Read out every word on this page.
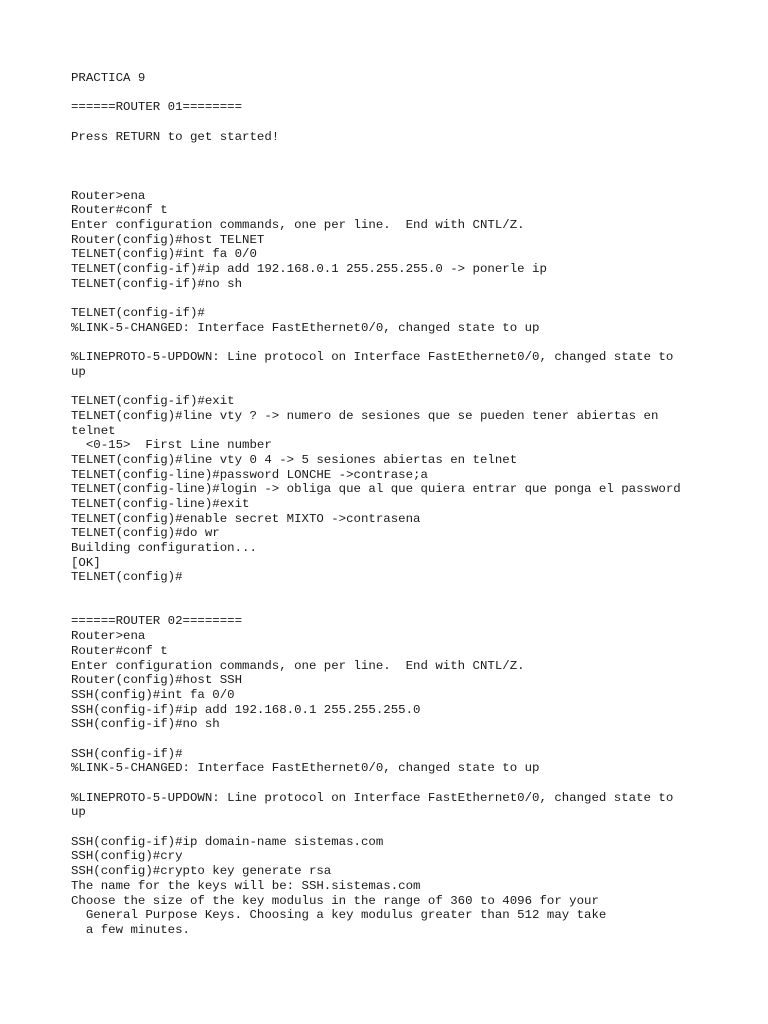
PRACTICA 9
======ROUTER 01========
Press RETURN to get started!
Router>ena
Router#conf t
Enter configuration commands, one per line.  End with CNTL/Z.
Router(config)#host TELNET
TELNET(config)#int fa 0/0
TELNET(config-if)#ip add 192.168.0.1 255.255.255.0 -> ponerle ip
TELNET(config-if)#no sh
TELNET(config-if)#
%LINK-5-CHANGED: Interface FastEthernet0/0, changed state to up
%LINEPROTO-5-UPDOWN: Line protocol on Interface FastEthernet0/0, changed state to
up
TELNET(config-if)#exit
TELNET(config)#line vty ? -> numero de sesiones que se pueden tener abiertas en
telnet
<0-15>  First Line number
TELNET(config)#line vty 0 4 -> 5 sesiones abiertas en telnet
TELNET(config-line)#password LONCHE ->contrase;a
TELNET(config-line)#login -> obliga que al que quiera entrar que ponga el password
TELNET(config-line)#exit
TELNET(config)#enable secret MIXTO ->contrasena
TELNET(config)#do wr
Building configuration...
[OK]
TELNET(config)#
======ROUTER 02========
Router>ena
Router#conf t
Enter configuration commands, one per line.  End with CNTL/Z.
Router(config)#host SSH
SSH(config)#int fa 0/0
SSH(config-if)#ip add 192.168.0.1 255.255.255.0
SSH(config-if)#no sh
SSH(config-if)#
%LINK-5-CHANGED: Interface FastEthernet0/0, changed state to up
%LINEPROTO-5-UPDOWN: Line protocol on Interface FastEthernet0/0, changed state to
up
SSH(config-if)#ip domain-name sistemas.com
SSH(config)#cry
SSH(config)#crypto key generate rsa
The name for the keys will be: SSH.sistemas.com
Choose the size of the key modulus in the range of 360 to 4096 for your
General Purpose Keys. Choosing a key modulus greater than 512 may take
a few minutes.
